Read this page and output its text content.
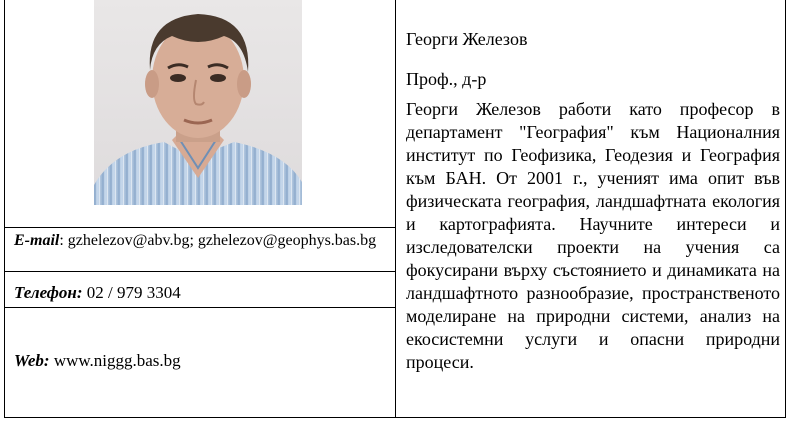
E-mail: gzhelezov@abv.bg; gzhelezov@geophys.bas.bg
Телефон: 02 / 979 3304
Web: www.niggg.bas.bg
Георги Железов
Проф., д-р

Георги Железов работи като професор в департамент "География" към Националния институт по Геофизика, Геодезия и География към БАН. От 2001 г., ученият има опит във физическата география, ландшафтната екология и картографията. Научните интереси и изследователски проекти на учения са фокусирани върху състоянието и динамиката на ландшафтното разнообразие, пространственото моделиране на природни системи, анализ на екосистемни услуги и опасни природни процеси.
